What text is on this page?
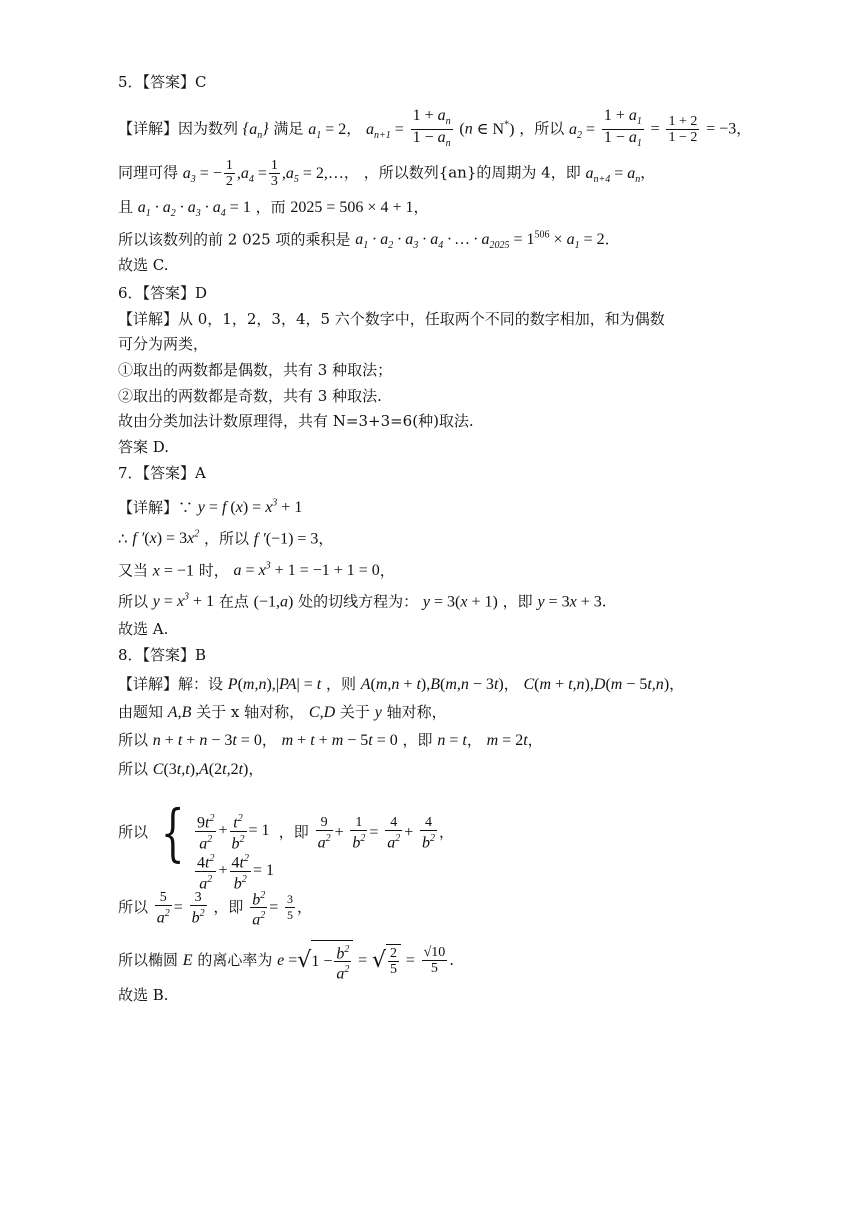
5．【答案】C
【详解】因为数列 $\{a_n\}$ 满足 $a_1 = 2$， $a_{n+1} = \frac{1 + a_n}{1 - a_n} (n$ ∈ N*) ，所以 $a_2 = \frac{1 + a_1}{1 - a_1} = \frac{1 + 2}{1 - 2} = -3$，
同理可得 $a_3$ = − $\frac{1}{2} ,a_4 = \frac{1}{3} ,a_5$ = 2,…， ，所以数列{an}的周期为 4，即 $a_{n+4} = a_n$，
且 $a_1 \cdot a_2 \cdot a_3 \cdot a_4 = 1$ ，而 2025 = 506 × 4 + 1，
所以该数列的前 2 025 项的乘积是 $a_1 \cdot a_2 \cdot a_3 \cdot a_4$ · … · $a_{2025} = 1^{506} \times a_1 = 2$.
故选 C.
6．【答案】D
【详解】从 0，1，2，3，4，5 六个数字中，任取两个不同的数字相加，和为偶数
可分为两类，
①取出的两数都是偶数，共有 3 种取法；
②取出的两数都是奇数，共有 3 种取法.
故由分类加法计数原理得，共有 N=3+3=6(种)取法.
答案 D.
7．【答案】A
【详解】∵ y = f $(x) = x^3 + 1$
∴ f $'(x) = 3x^2$ ，所以 f ′(−1) = 3，
又当 x = −1 时， $a = x^3 + 1 = -1 + 1 = 0$，
所以 $y = x^3 + 1$ 在点 (−1,a) 处的切线方程为： y = 3(x + 1) ，即 y = 3x + 3.
故选 A.
8．【答案】B
【详解】解：设 P(m,n),|PA| = t ，则 A(m,n + t),B(m,n − 3t)， C(m + t,n),D(m − 5t,n)，
由题知 A,B 关于 x 轴对称， C,D 关于 y 轴对称，
所以 n + t + n − 3t = 0， m + t + m − 5t = 0 ，即 n = t， m = 2t，
所以 C(3t,t),A(2t,2t)，
所以 { $\frac{9t^2}{a^2} + \frac{t^2}{b^2} = 1$
$\frac{4t^2}{a^2} + \frac{4t^2}{b^2} = 1$
，即 $\frac{9}{a^2} + \frac{1}{b^2} = \frac{4}{a^2} + \frac{4}{b^2}$ ，
所以 $\frac{5}{a^2} = \frac{3}{b^2}$ ，即 $\frac{b^2}{a^2} = \frac{3}{5}$ ，
所以椭圆 E 的离心率为 $e =√1 - \frac{b^2}{a^2}$ = √ $\frac{2}{5} = \frac{√10}{5}$ .
故选 B.
